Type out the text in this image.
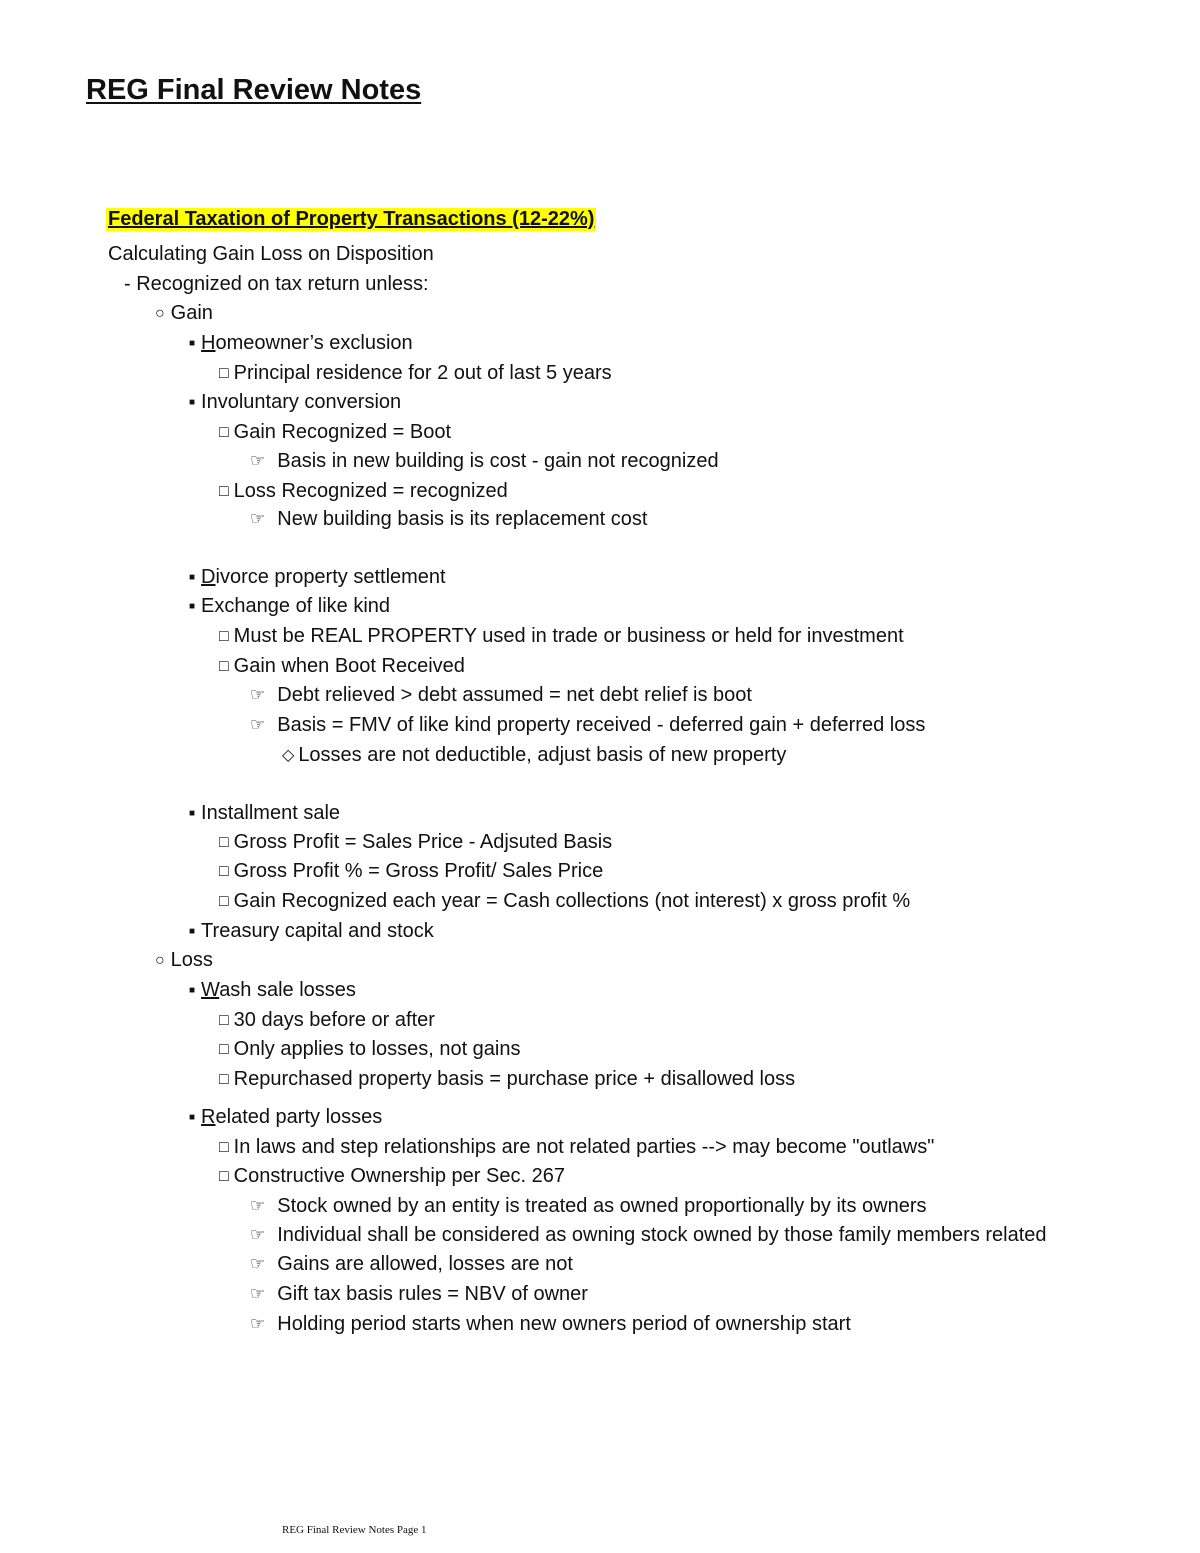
REG Final Review Notes
Federal Taxation of Property Transactions (12-22%)
Calculating Gain Loss on Disposition
- Recognized on tax return unless:
○ Gain
■ Homeowner’s exclusion
□ Principal residence for 2 out of last 5 years
■ Involuntary conversion
□ Gain Recognized = Boot
☞ Basis in new building is cost - gain not recognized
□ Loss Recognized = recognized
☞ New building basis is its replacement cost
■ Divorce property settlement
■ Exchange of like kind
□ Must be REAL PROPERTY used in trade or business or held for investment
□ Gain when Boot Received
☞ Debt relieved > debt assumed = net debt relief is boot
☞ Basis = FMV of like kind property received - deferred gain + deferred loss
◇ Losses are not deductible, adjust basis of new property
■ Installment sale
□ Gross Profit = Sales Price - Adjsuted Basis
□ Gross Profit % = Gross Profit/ Sales Price
□ Gain Recognized each year = Cash collections (not interest) x gross profit %
■ Treasury capital and stock
○ Loss
■ Wash sale losses
□ 30 days before or after
□ Only applies to losses, not gains
□ Repurchased property basis = purchase price + disallowed loss
■ Related party losses
□ In laws and step relationships are not related parties --> may become "outlaws"
□ Constructive Ownership per Sec. 267
☞ Stock owned by an entity is treated as owned proportionally by its owners
☞ Individual shall be considered as owning stock owned by those family members related
☞ Gains are allowed, losses are not
☞ Gift tax basis rules = NBV of owner
☞ Holding period starts when new owners period of ownership start
REG Final Review Notes Page 1
